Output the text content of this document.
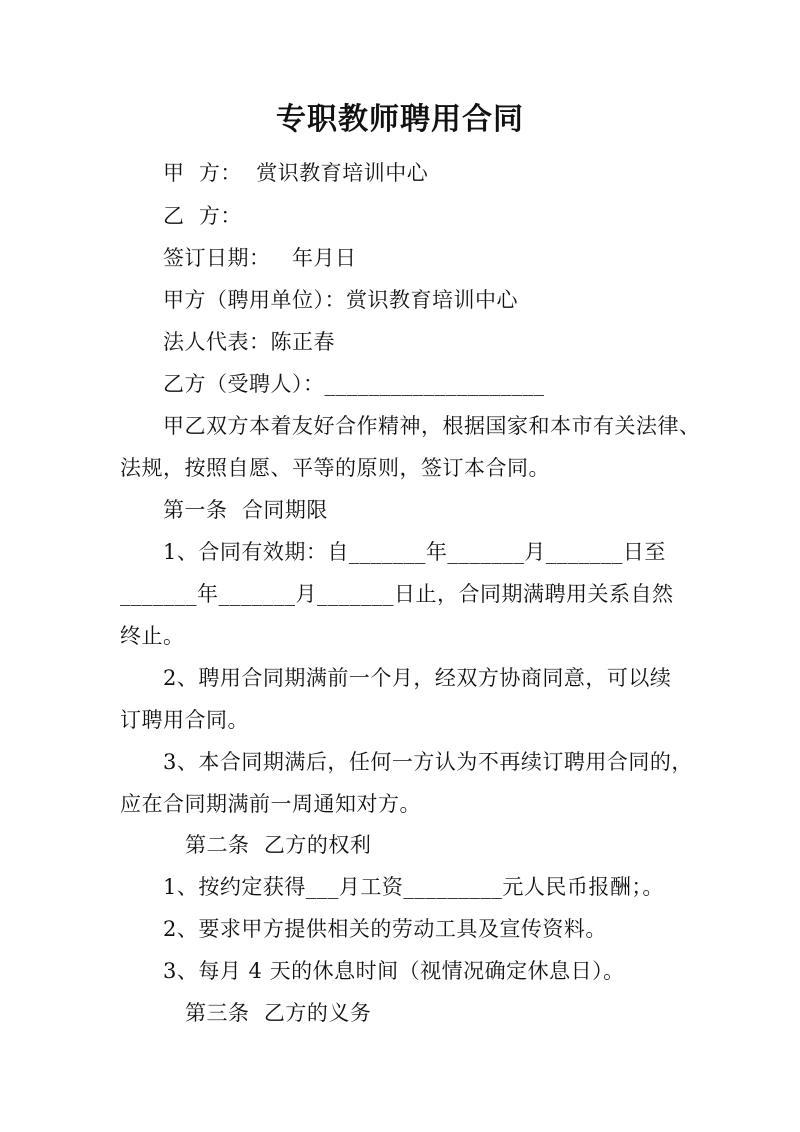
专职教师聘用合同
甲  方：  赏识教育培训中心
乙  方：
签订日期：   年月日
甲方（聘用单位）：赏识教育培训中心
法人代表：陈正春
乙方（受聘人）：____________________
甲乙双方本着友好合作精神，根据国家和本市有关法律、
法规，按照自愿、平等的原则，签订本合同。
第一条  合同期限
1、合同有效期：自_______年_______月_______日至
_______年_______月_______日止，合同期满聘用关系自然
终止。
2、聘用合同期满前一个月，经双方协商同意，可以续
订聘用合同。
3、本合同期满后，任何一方认为不再续订聘用合同的，
应在合同期满前一周通知对方。
第二条  乙方的权利
1、按约定获得___月工资_________元人民币报酬；。
2、要求甲方提供相关的劳动工具及宣传资料。
3、每月 4 天的休息时间（视情况确定休息日）。
第三条  乙方的义务
